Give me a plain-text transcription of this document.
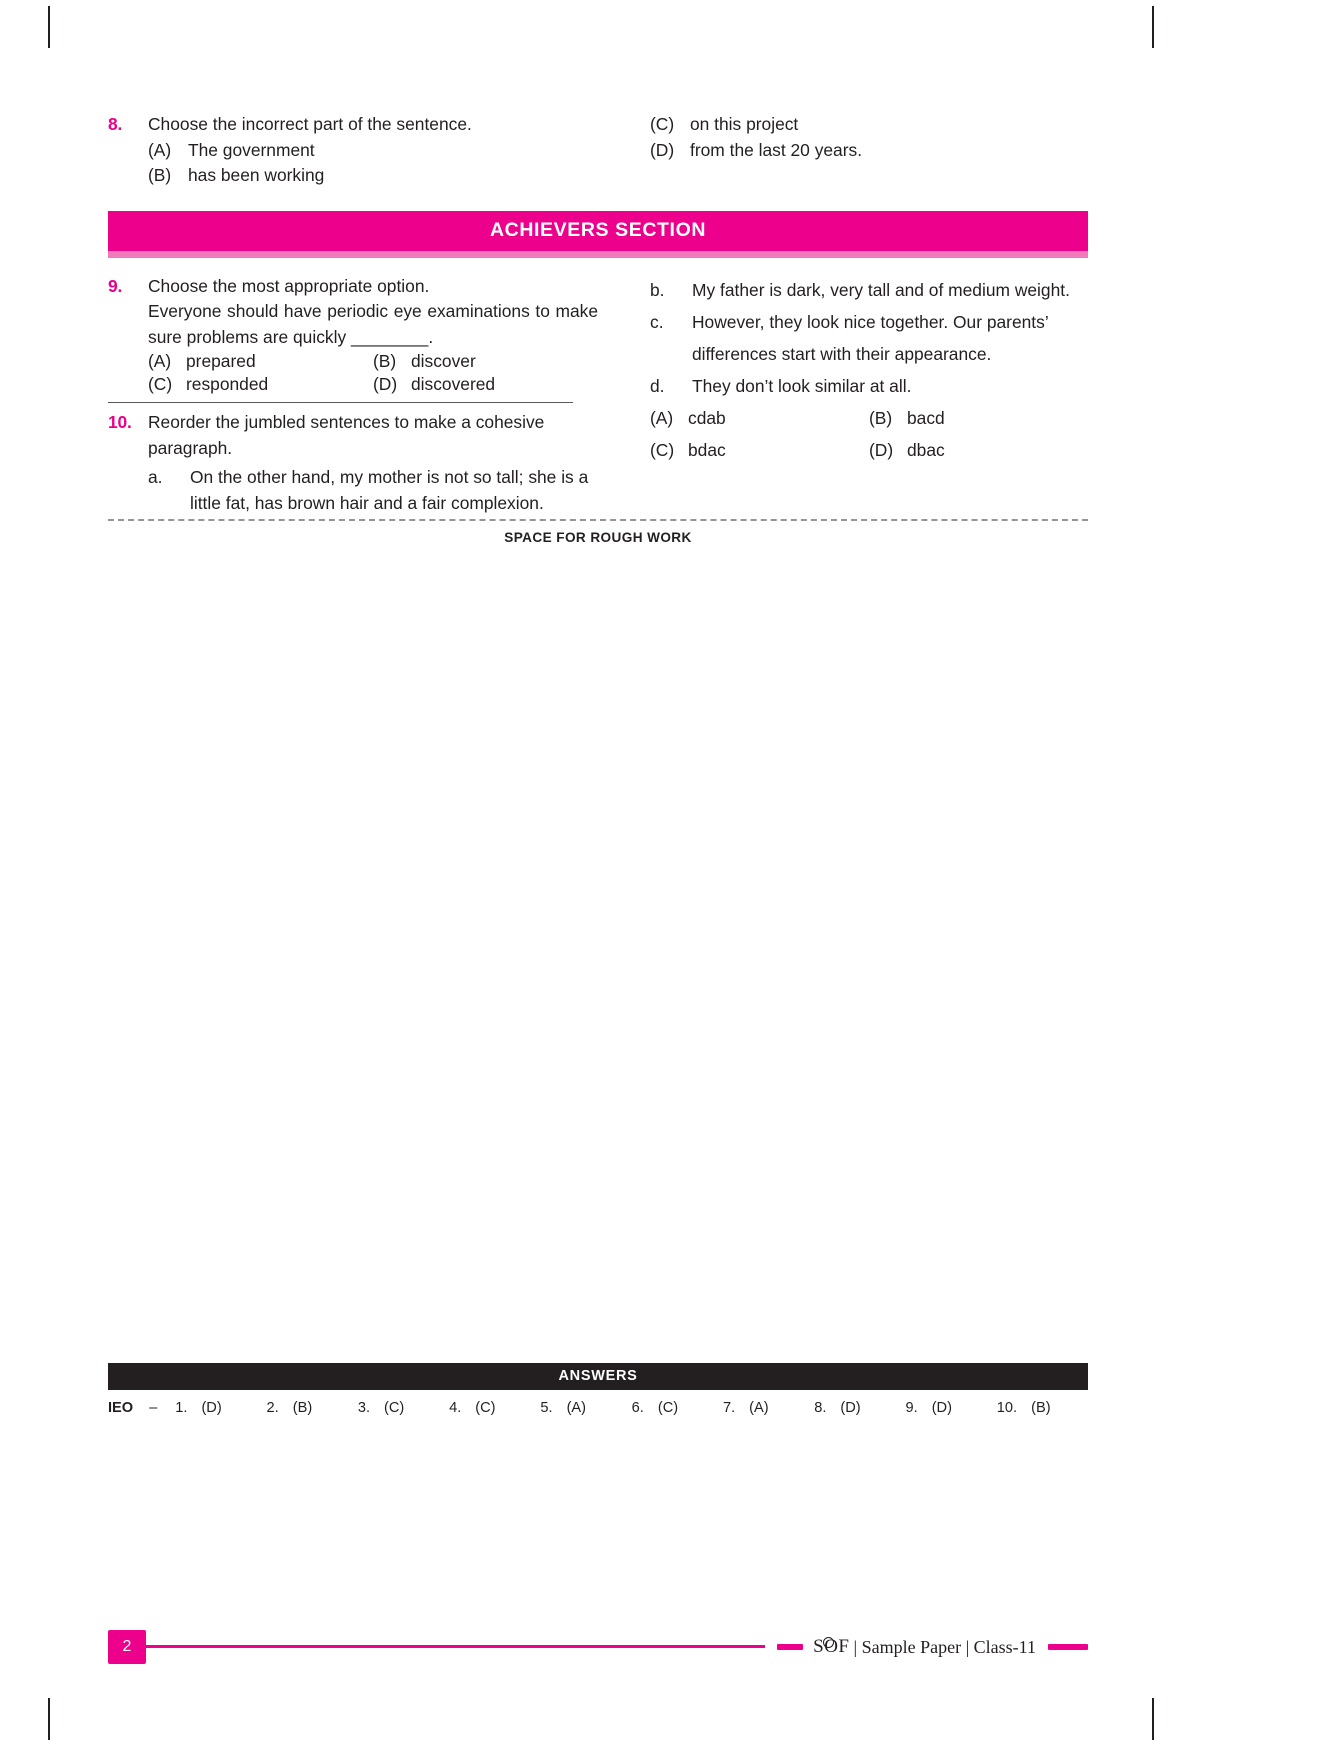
8.	Choose the incorrect part of the sentence.
(A) The government
(B) has been working
(C) on this project
(D) from the last 20 years.
ACHIEVERS SECTION
9.	Choose the most appropriate option.
Everyone should have periodic eye examinations to make sure problems are quickly ________.
(A) prepared	(B) discover
(C) responded	(D) discovered
10. Reorder the jumbled sentences to make a cohesive paragraph.
a.	On the other hand, my mother is not so tall; she is a little fat, has brown hair and a fair complexion.
b.	My father is dark, very tall and of medium weight.
c.	However, they look nice together. Our parents’ differences start with their appearance.
d.	They don’t look similar at all.
(A) cdab	(B) bacd
(C) bdac	(D) dbac
SPACE FOR ROUGH WORK
ANSWERS
IEO	–	1. (D)	2. (B)	3. (C)	4. (C)	5. (A)	6. (C)	7. (A)	8. (D)	9. (D)	10. (B)
2	SOF | Sample Paper | Class-11
